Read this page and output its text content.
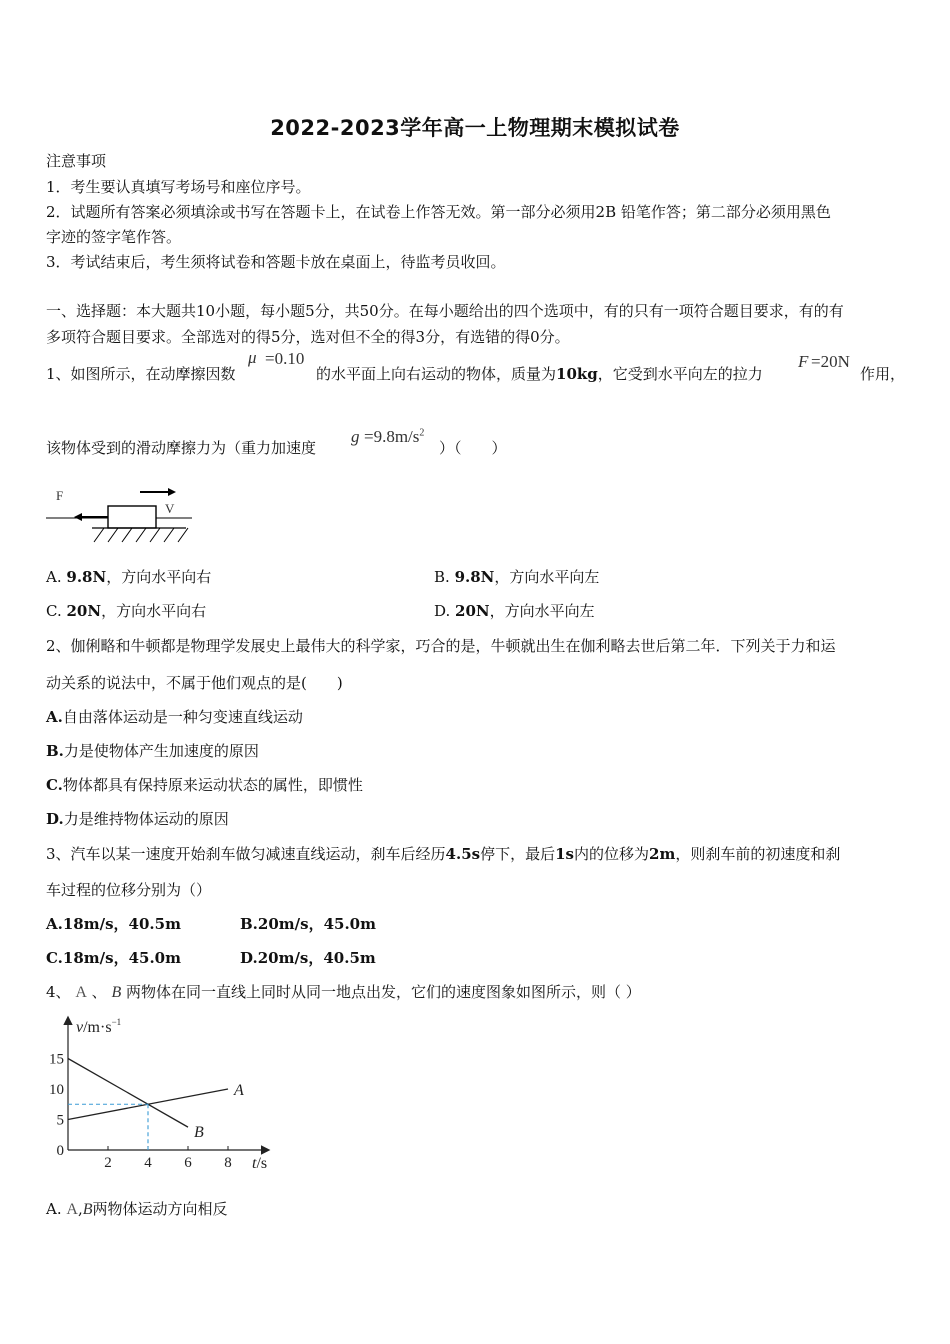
2022-2023学年高一上物理期末模拟试卷
注意事项
1．考生要认真填写考场号和座位序号。
2．试题所有答案必须填涂或书写在答题卡上，在试卷上作答无效。第一部分必须用2B 铅笔作答；第二部分必须用黑色
字迹的签字笔作答。
3．考试结束后，考生须将试卷和答题卡放在桌面上，待监考员收回。
一、选择题：本大题共10小题，每小题5分，共50分。在每小题给出的四个选项中，有的只有一项符合题目要求，有的有
多项符合题目要求。全部选对的得5分，选对但不全的得3分，有选错的得0分。
1、如图所示，在动摩擦因数
μ =0.10
的水平面上向右运动的物体，质量为10kg，它受到水平向左的拉力
F =20N
作用，
该物体受到的滑动摩擦力为（重力加速度
$g =9.8m/s^2$
）（　　）
F
V
A. 9.8N，方向水平向右	B. 9.8N，方向水平向左
C. 20N，方向水平向右	D. 20N，方向水平向左
2、伽俐略和牛顿都是物理学发展史上最伟大的科学家，巧合的是，牛顿就出生在伽利略去世后第二年．下列关于力和运
动关系的说法中，不属于他们观点的是(　　)
A.自由落体运动是一种匀变速直线运动
B.力是使物体产生加速度的原因
C.物体都具有保持原来运动状态的属性，即惯性
D.力是维持物体运动的原因
3、汽车以某一速度开始刹车做匀减速直线运动，刹车后经历4.5s停下，最后1s内的位移为2m，则刹车前的初速度和刹
车过程的位移分别为（）
A.18m/s，40.5m	B.20m/s，45.0m
C.18m/s，45.0m	D.20m/s，40.5m
4、 A 、 B 两物体在同一直线上同时从同一地点出发，它们的速度图象如图所示，则（ ）
$v/m\cdot s^{-1}$
t/s
2 4 6 8
0
5
10
15
A
B
A. A,B两物体运动方向相反
